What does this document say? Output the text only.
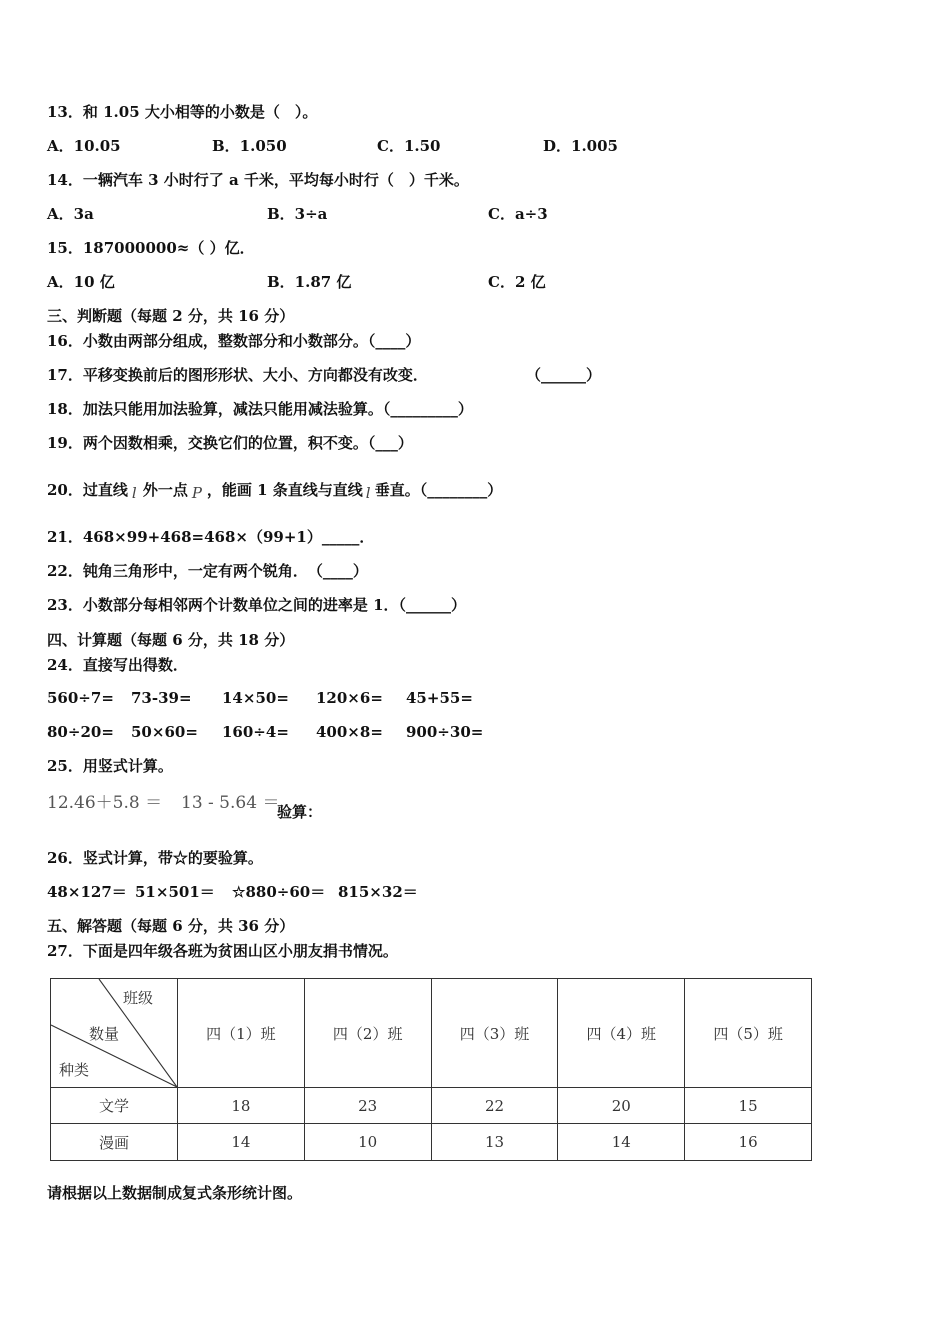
13．和 1.05 大小相等的小数是（　）。
A．10.05	B．1.050	C．1.50	D．1.005
14．一辆汽车 3 小时行了 a 千米，平均每小时行（　）千米。
A．3a	B．3÷a	C．a÷3
15．187000000≈（ ）亿．
A．10 亿	B．1.87 亿	C．2 亿
三、判断题（每题 2 分，共 16 分）
16．小数由两部分组成，整数部分和小数部分。（____）
17．平移变换前后的图形形状、大小、方向都没有改变．	（______）
18．加法只能用加法验算，减法只能用减法验算。（_________）
19．两个因数相乘，交换它们的位置，积不变。（___）
20．过直线 l 外一点 P ，能画 1 条直线与直线 l 垂直。（________）
21．468×99+468=468×（99+1）_____．
22．钝角三角形中，一定有两个锐角．　（____）
23．小数部分每相邻两个计数单位之间的进率是 1．（______）
四、计算题（每题 6 分，共 18 分）
24．直接写出得数．
560÷7= 73-39= 14×50= 120×6= 45+55=
80÷20= 50×60= 160÷4= 400×8= 900÷30=
25．用竖式计算。
12.46＋5.8 ＝ 13 - 5.64 ＝
验算：
26．竖式计算，带☆的要验算。
48×127＝ 51×501＝ ☆880÷60＝ 815×32＝
五、解答题（每题 6 分，共 36 分）
27．下面是四年级各班为贫困山区小朋友捐书情况。
班级
数量
种类	四（1）班	四（2）班	四（3）班	四（4）班	四（5）班
文学	18	23	22	20	15
漫画	14	10	13	14	16
请根据以上数据制成复式条形统计图。
